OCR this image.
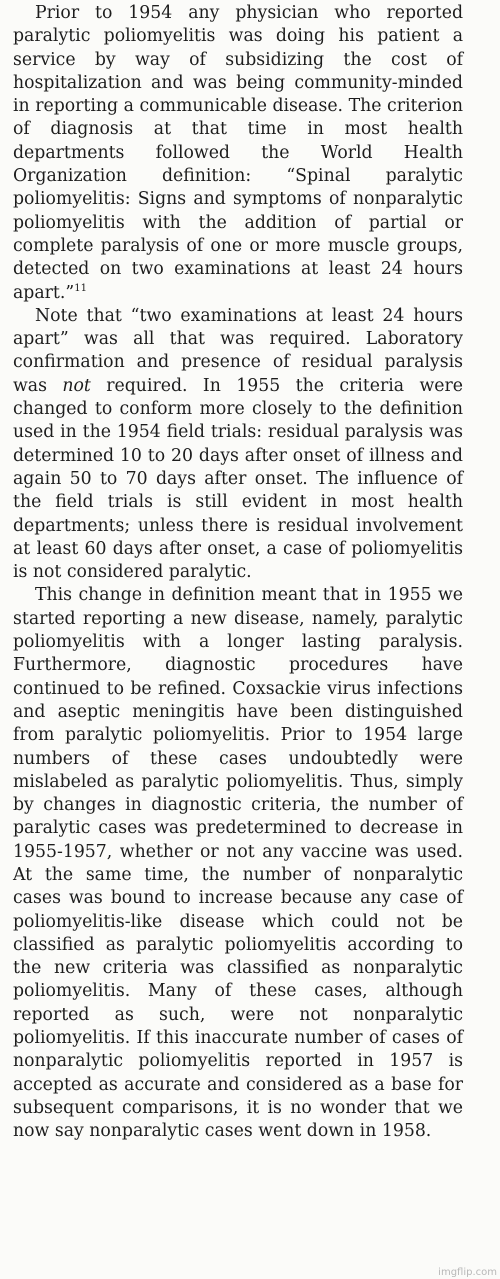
Prior to 1954 any physician who reported paralytic poliomyelitis was doing his patient a service by way of subsidizing the cost of hospitalization and was being community-minded in reporting a communicable disease. The criterion of diagnosis at that time in most health departments followed the World Health Organization definition: “Spinal paralytic poliomyelitis: Signs and symptoms of nonparalytic poliomyelitis with the addition of partial or complete paralysis of one or more muscle groups, detected on two examinations at least 24 hours apart.”$^{11}$

Note that “two examinations at least 24 hours apart” was all that was required. Laboratory confirmation and presence of residual paralysis was not required. In 1955 the criteria were changed to conform more closely to the definition used in the 1954 field trials: residual paralysis was determined 10 to 20 days after onset of illness and again 50 to 70 days after onset. The influence of the field trials is still evident in most health departments; unless there is residual involvement at least 60 days after onset, a case of poliomyelitis is not considered paralytic.

This change in definition meant that in 1955 we started reporting a new disease, namely, paralytic poliomyelitis with a longer lasting paralysis. Furthermore, diagnostic procedures have continued to be refined. Coxsackie virus infections and aseptic meningitis have been distinguished from paralytic poliomyelitis. Prior to 1954 large numbers of these cases undoubtedly were mislabeled as paralytic poliomyelitis. Thus, simply by changes in diagnostic criteria, the number of paralytic cases was predetermined to decrease in 1955-1957, whether or not any vaccine was used. At the same time, the number of nonparalytic cases was bound to increase because any case of poliomyelitis-like disease which could not be classified as paralytic poliomyelitis according to the new criteria was classified as nonparalytic poliomyelitis. Many of these cases, although reported as such, were not nonparalytic poliomyelitis. If this inaccurate number of cases of nonparalytic poliomyelitis reported in 1957 is accepted as accurate and considered as a base for subsequent comparisons, it is no wonder that we now say nonparalytic cases went down in 1958.

imgflip.com
